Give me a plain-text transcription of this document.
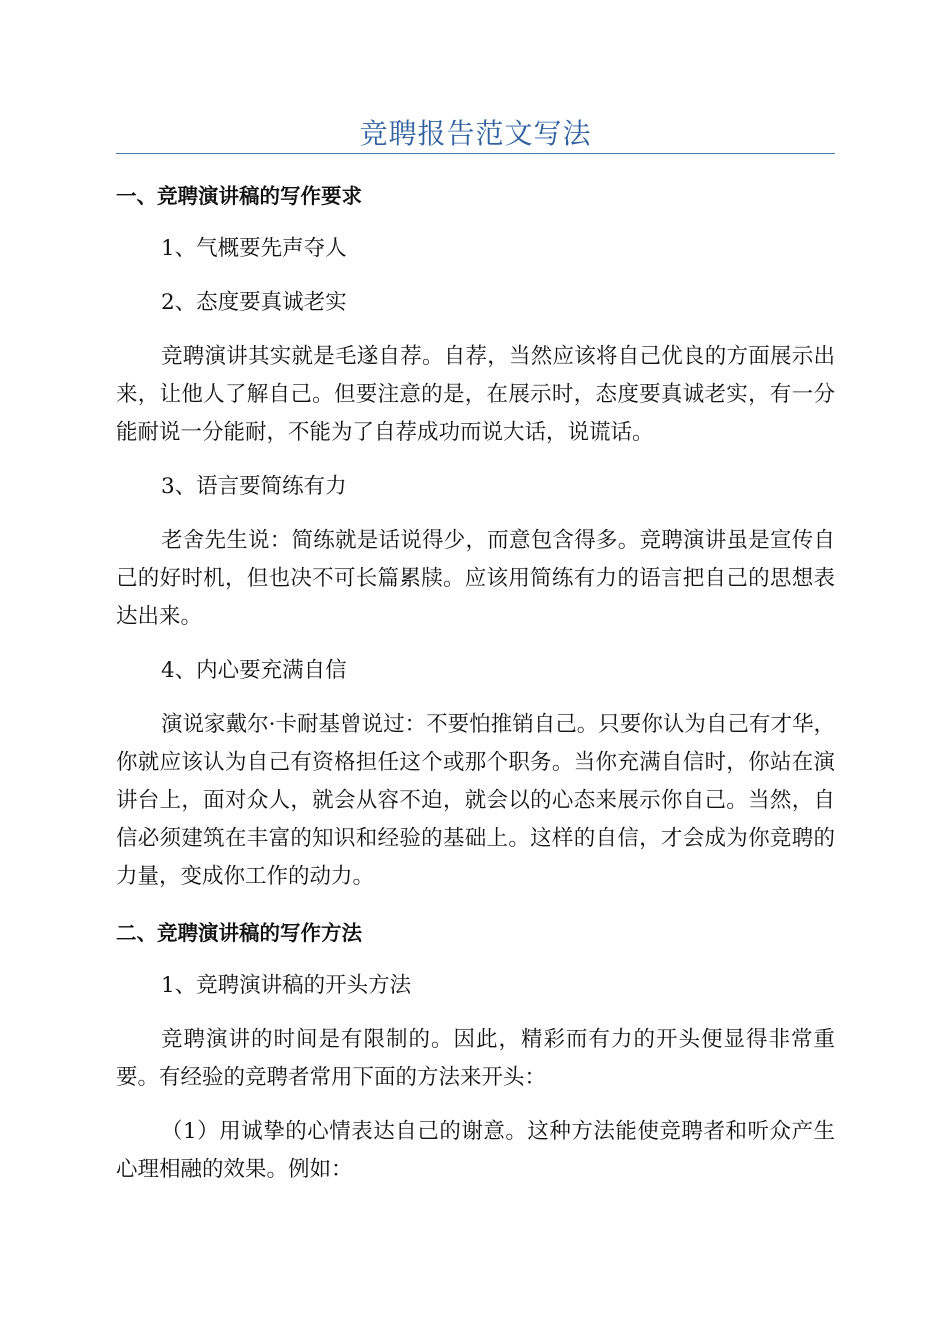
竞聘报告范文写法

一、竞聘演讲稿的写作要求

1、气概要先声夺人

2、态度要真诚老实

竞聘演讲其实就是毛遂自荐。自荐，当然应该将自己优良的方面展示出来，让他人了解自己。但要注意的是，在展示时，态度要真诚老实，有一分能耐说一分能耐，不能为了自荐成功而说大话，说谎话。

3、语言要简练有力

老舍先生说：简练就是话说得少，而意包含得多。竞聘演讲虽是宣传自己的好时机，但也决不可长篇累牍。应该用简练有力的语言把自己的思想表达出来。

4、内心要充满自信

演说家戴尔·卡耐基曾说过：不要怕推销自己。只要你认为自己有才华，你就应该认为自己有资格担任这个或那个职务。当你充满自信时，你站在演讲台上，面对众人，就会从容不迫，就会以的心态来展示你自己。当然，自信必须建筑在丰富的知识和经验的基础上。这样的自信，才会成为你竞聘的力量，变成你工作的动力。

二、竞聘演讲稿的写作方法

1、竞聘演讲稿的开头方法

竞聘演讲的时间是有限制的。因此，精彩而有力的开头便显得非常重要。有经验的竞聘者常用下面的方法来开头：

（1）用诚挚的心情表达自己的谢意。这种方法能使竞聘者和听众产生心理相融的效果。例如：
